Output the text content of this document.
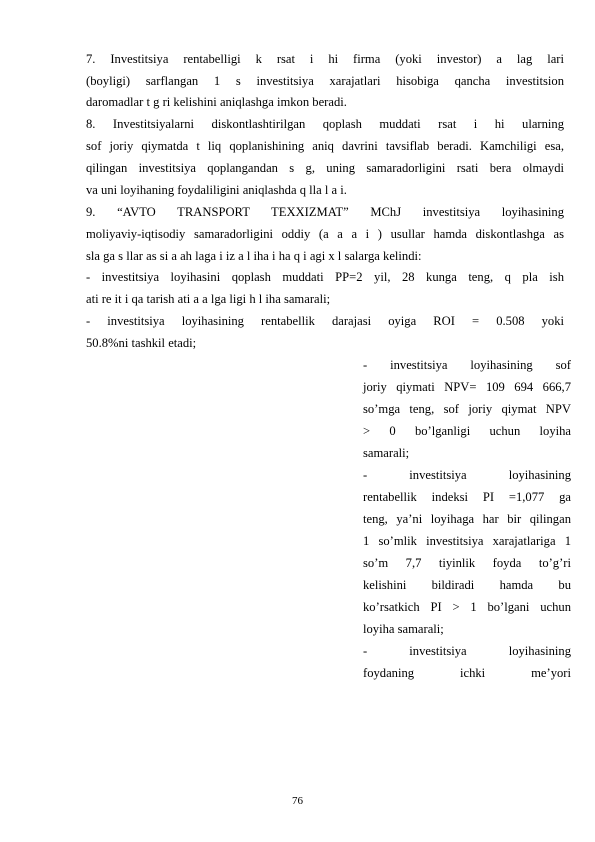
7. Investitsiya rentabelligi k rsat i hi firma (yoki investor) a lag lari
(boyligi) sarflangan 1 s investitsiya xarajatlari hisobiga qancha investitsion
daromadlar t g ri kelishini aniqlashga imkon beradi.
8. Investitsiyalarni diskontlashtirilgan qoplash muddati rsat i hi ularning
sof joriy qiymatda t liq qoplanishining aniq davrini tavsiflab beradi. Kamchiligi esa,
qilingan investitsiya qoplangandan s g, uning samaradorligini rsati bera olmaydi
va uni loyihaning foydaliligini aniqlashda q lla l a i.
9. “AVTO TRANSPORT TEXXIZMAT” MChJ investitsiya loyihasining
moliyaviy-iqtisodiy samaradorligini oddiy (a a a i ) usullar hamda diskontlashga as
sla ga s llar as si a ah laga i iz a l iha i ha q i agi x l salarga kelindi:
- investitsiya loyihasini qoplash muddati PP=2 yil, 28 kunga teng, q pla ish
ati re it i qa tarish ati a a lga ligi h l iha samarali;
- investitsiya loyihasining rentabellik darajasi oyiga ROI = 0.508 yoki
50.8%ni tashkil etadi;
- investitsiya loyihasining sof
joriy qiymati NPV= 109 694 666,7
so’mga teng, sof joriy qiymat NPV
> 0 bo’lganligi uchun loyiha
samarali;
- investitsiya loyihasining
rentabellik indeksi PI =1,077 ga
teng, ya’ni loyihaga har bir qilingan
1 so’mlik investitsiya xarajatlariga 1
so’m 7,7 tiyinlik foyda to’g’ri
kelishini bildiradi hamda bu
ko’rsatkich PI > 1 bo’lgani uchun
loyiha samarali;
- investitsiya loyihasining
foydaning ichki me’yori
76
